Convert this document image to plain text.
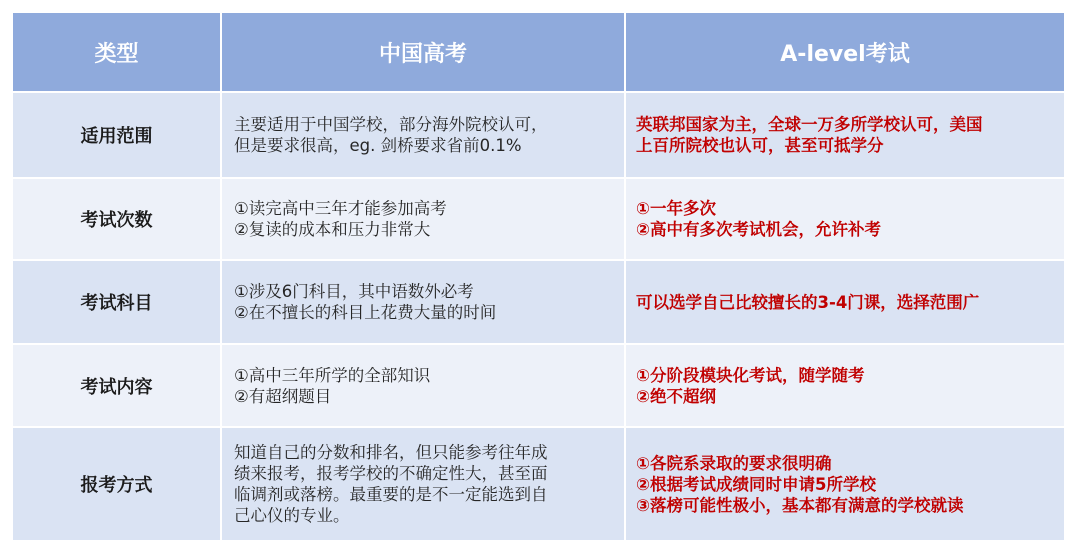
类型	中国高考	A-level考试
适用范围
主要适用于中国学校，部分海外院校认可，
但是要求很高，eg. 剑桥要求省前0.1%
英联邦国家为主，全球一万多所学校认可，美国
上百所院校也认可，甚至可抵学分
考试次数
①读完高中三年才能参加高考
②复读的成本和压力非常大
①一年多次
②高中有多次考试机会，允许补考
考试科目
①涉及6门科目，其中语数外必考
②在不擅长的科目上花费大量的时间
可以选学自己比较擅长的3-4门课，选择范围广
考试内容
①高中三年所学的全部知识
②有超纲题目
①分阶段模块化考试，随学随考
②绝不超纲
报考方式
知道自己的分数和排名，但只能参考往年成
绩来报考，报考学校的不确定性大，甚至面
临调剂或落榜。最重要的是不一定能选到自
己心仪的专业。
①各院系录取的要求很明确
②根据考试成绩同时申请5所学校
③落榜可能性极小，基本都有满意的学校就读
